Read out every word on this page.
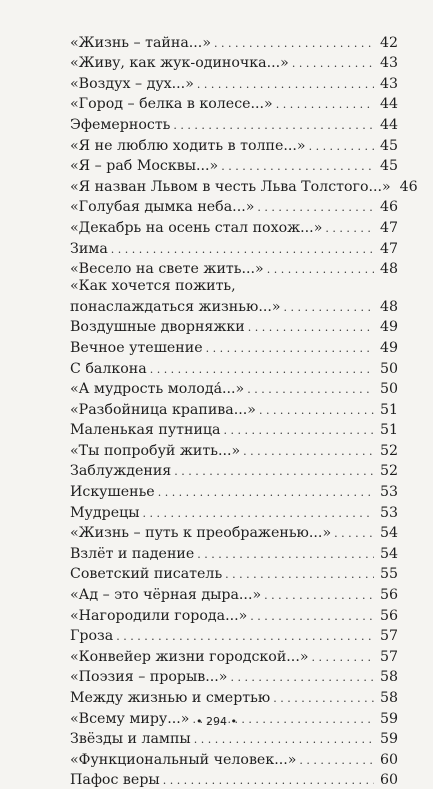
«Жизнь – тайна...» . . .	42
«Живу, как жук-одиночка...» . . .	43
«Воздух – дух...» . . .	43
«Город – белка в колесе...» . . .	44
Эфемерность . . .	44
«Я не люблю ходить в толпе...» . . .	45
«Я – раб Москвы...» . . .	45
«Я назван Львом в честь Льва Толстого...» 46
«Голубая дымка неба...» . . .	46
«Декабрь на осень стал похож...» . . .	47
Зима . . .	47
«Весело на свете жить...» . . .	48
«Как хочется пожить,
понаслаждаться жизнью...» . . .	48
Воздушные дворняжки . . .	49
Вечное утешение . . .	49
С балкона . . .	50
«А мудрость молода́...» . . .	50
«Разбойница крапива...» . . .	51
Маленькая путница . . .	51
«Ты попробуй жить...» . . .	52
Заблуждения . . .	52
Искушенье . . .	53
Мудрецы . . .	53
«Жизнь – путь к преображенью...» . . .	54
Взлёт и падение . . .	54
Советский писатель . . .	55
«Ад – это чёрная дыра...» . . .	56
«Нагородили города...» . . .	56
Гроза . . .	57
«Конвейер жизни городской...» . . .	57
«Поэзия – прорыв...» . . .	58
Между жизнью и смертью . . .	58
«Всему миру...» . . .	59
Звёзды и лампы . . .	59
«Функциональный человек...» . . .	60
Пафос веры . . .	60
• 294 •
